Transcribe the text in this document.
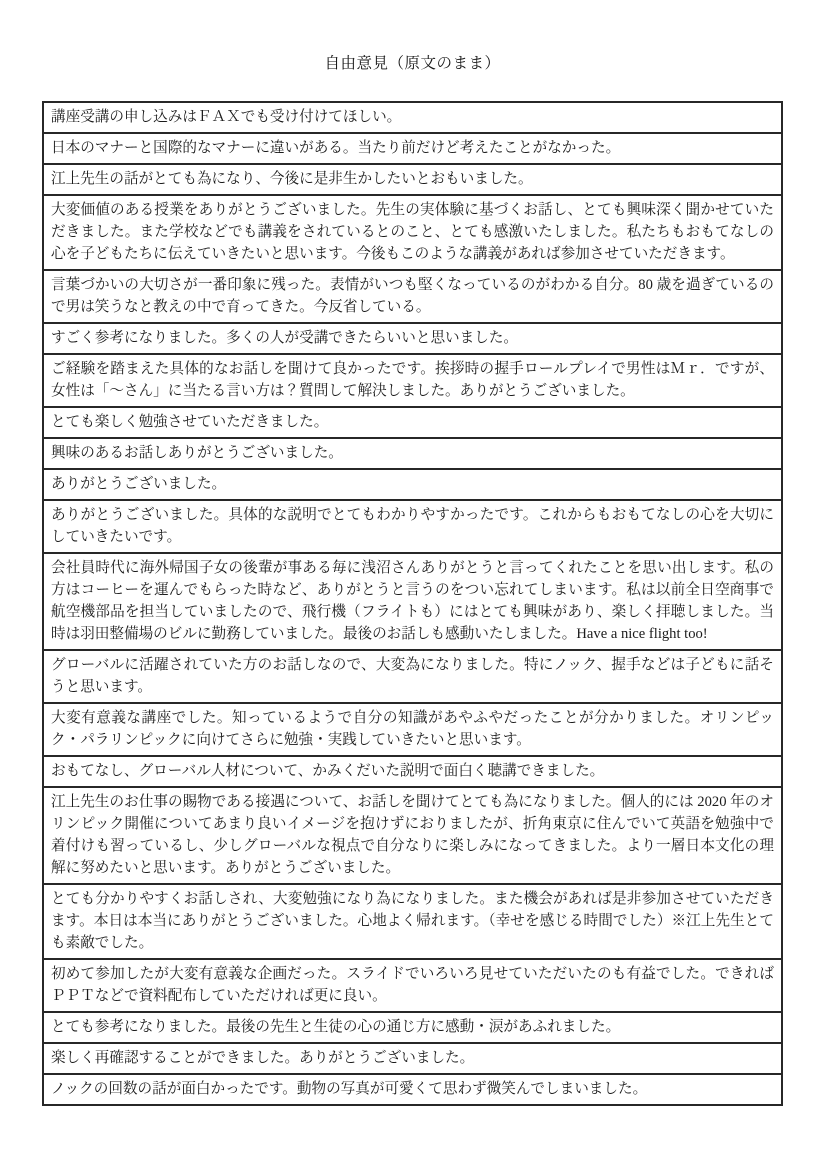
自由意見（原文のまま）
講座受講の申し込みはＦＡＸでも受け付けてほしい。
日本のマナーと国際的なマナーに違いがある。当たり前だけど考えたことがなかった。
江上先生の話がとても為になり、今後に是非生かしたいとおもいました。
大変価値のある授業をありがとうございました。先生の実体験に基づくお話し、とても興味深く聞かせていただきました。また学校などでも講義をされているとのこと、とても感激いたしました。私たちもおもてなしの心を子どもたちに伝えていきたいと思います。今後もこのような講義があれば参加させていただきます。
言葉づかいの大切さが一番印象に残った。表情がいつも堅くなっているのがわかる自分。80 歳を過ぎているので男は笑うなと教えの中で育ってきた。今反省している。
すごく参考になりました。多くの人が受講できたらいいと思いました。
ご経験を踏まえた具体的なお話しを聞けて良かったです。挨拶時の握手ロールプレイで男性はＭｒ．ですが、女性は「〜さん」に当たる言い方は？質問して解決しました。ありがとうございました。
とても楽しく勉強させていただきました。
興味のあるお話しありがとうございました。
ありがとうございました。
ありがとうございました。具体的な説明でとてもわかりやすかったです。これからもおもてなしの心を大切にしていきたいです。
会社員時代に海外帰国子女の後輩が事ある毎に浅沼さんありがとうと言ってくれたことを思い出します。私の方はコーヒーを運んでもらった時など、ありがとうと言うのをつい忘れてしまいます。私は以前全日空商事で航空機部品を担当していましたので、飛行機（フライトも）にはとても興味があり、楽しく拝聴しました。当時は羽田整備場のビルに勤務していました。最後のお話しも感動いたしました。Have a nice flight too!
グローバルに活躍されていた方のお話しなので、大変為になりました。特にノック、握手などは子どもに話そうと思います。
大変有意義な講座でした。知っているようで自分の知識があやふやだったことが分かりました。オリンピック・パラリンピックに向けてさらに勉強・実践していきたいと思います。
おもてなし、グローバル人材について、かみくだいた説明で面白く聴講できました。
江上先生のお仕事の賜物である接遇について、お話しを聞けてとても為になりました。個人的には 2020 年のオリンピック開催についてあまり良いイメージを抱けずにおりましたが、折角東京に住んでいて英語を勉強中で着付けも習っているし、少しグローバルな視点で自分なりに楽しみになってきました。より一層日本文化の理解に努めたいと思います。ありがとうございました。
とても分かりやすくお話しされ、大変勉強になり為になりました。また機会があれば是非参加させていただきます。本日は本当にありがとうございました。心地よく帰れます。（幸せを感じる時間でした）※江上先生とても素敵でした。
初めて参加したが大変有意義な企画だった。スライドでいろいろ見せていただいたのも有益でした。できればＰＰＴなどで資料配布していただければ更に良い。
とても参考になりました。最後の先生と生徒の心の通じ方に感動・涙があふれました。
楽しく再確認することができました。ありがとうございました。
ノックの回数の話が面白かったです。動物の写真が可愛くて思わず微笑んでしまいました。
